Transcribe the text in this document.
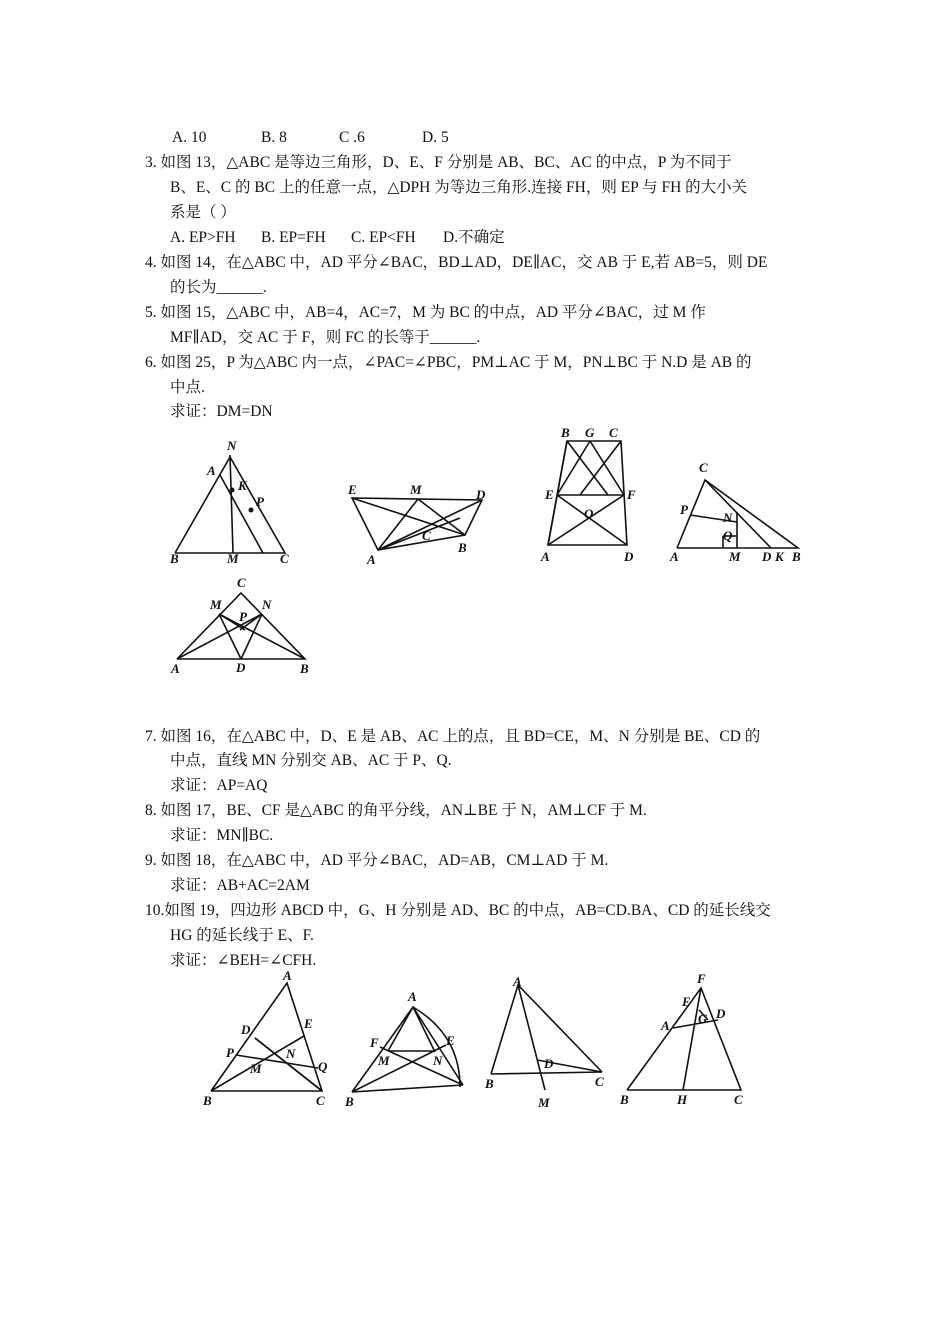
A. 10	B. 8	C .6	D. 5
3. 如图 13，△ABC 是等边三角形，D、E、F 分别是 AB、BC、AC 的中点，P 为不同于
B、E、C 的 BC 上的任意一点，△DPH 为等边三角形.连接 FH，则 EP 与 FH 的大小关
系是（ ）
A. EP>FH B. EP=FH C. EP<FH D.不确定
4. 如图 14，在△ABC 中，AD 平分∠BAC，BD⊥AD，DE∥AC，交 AB 于 E,若 AB=5，则 DE
的长为______.
5. 如图 15，△ABC 中，AB=4，AC=7，M 为 BC 的中点，AD 平分∠BAC，过 M 作
MF∥AD，交 AC 于 F，则 FC 的长等于______.
6. 如图 25，P 为△ABC 内一点，∠PAC=∠PBC，PM⊥AC 于 M，PN⊥BC 于 N.D 是 AB 的
中点.
求证：DM=DN
N
A
K
P
B	M	C
E	M	D
C
A
B
B G C
E	F
O
A	D
C
P
N
Q
A	M D K B
C
M	N
P
A	D	B
7. 如图 16，在△ABC 中，D、E 是 AB、AC 上的点，且 BD=CE，M、N 分别是 BE、CD 的
中点，直线 MN 分别交 AB、AC 于 P、Q.
求证：AP=AQ
8. 如图 17，BE、CF 是△ABC 的角平分线，AN⊥BE 于 N，AM⊥CF 于 M.
求证：MN∥BC.
9. 如图 18，在△ABC 中，AD 平分∠BAC，AD=AB，CM⊥AD 于 M.
求证：AB+AC=2AM
10.如图 19，四边形 ABCD 中，G、H 分别是 AD、BC 的中点，AB=CD.BA、CD 的延长线交
HG 的延长线于 E、F.
求证：∠BEH=∠CFH.
A
D	E
P
M
N
Q
B	C
A
F	E
M	N
B
A
D
B	C
M
F
E
A G D
B	H	C
